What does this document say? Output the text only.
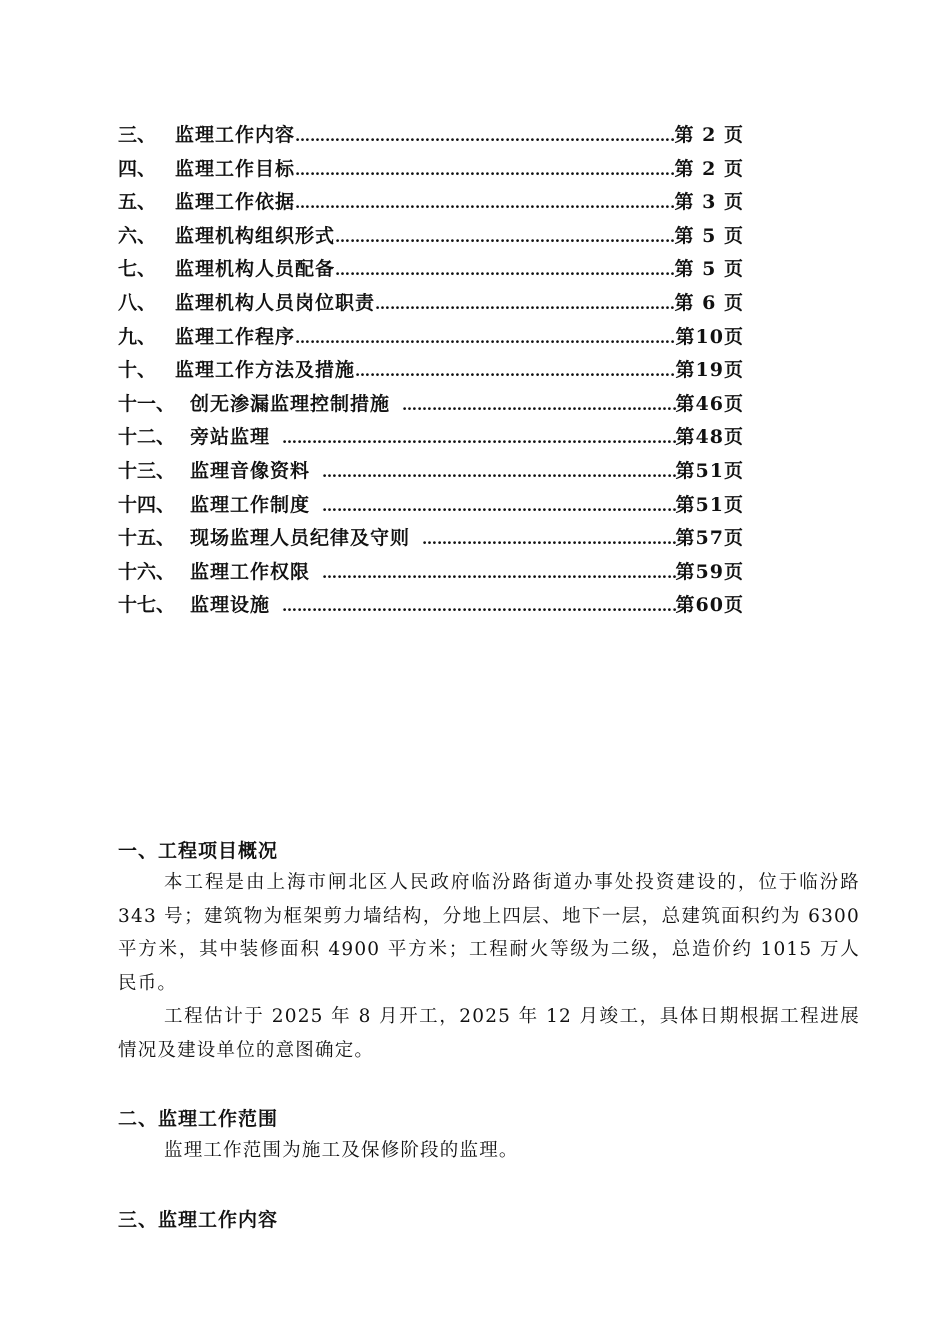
三、 监理工作内容 ………………………………………………………………………………………………………………………………	第 2 页
四、 监理工作目标 ………………………………………………………………………………………………………………………………	第 2 页
五、 监理工作依据 ………………………………………………………………………………………………………………………………	第 3 页
六、 监理机构组织形式 ………………………………………………………………………………………………………………………………	第 5 页
七、 监理机构人员配备 ………………………………………………………………………………………………………………………………	第 5 页
八、 监理机构人员岗位职责 ………………………………………………………………………………………………………………………………	第 6 页
九、 监理工作程序 ………………………………………………………………………………………………………………………………	第10页
十、 监理工作方法及措施 ………………………………………………………………………………………………………………………………	第19页
十一、 创无渗漏监理控制措施 ………………………………………………………………………………………………………………………………	第46页
十二、 旁站监理 ………………………………………………………………………………………………………………………………	第48页
十三、 监理音像资料 ………………………………………………………………………………………………………………………………	第51页
十四、 监理工作制度 ………………………………………………………………………………………………………………………………	第51页
十五、 现场监理人员纪律及守则 ………………………………………………………………………………………………………………………………	第57页
十六、 监理工作权限 ………………………………………………………………………………………………………………………………	第59页
十七、 监理设施 ………………………………………………………………………………………………………………………………	第60页
一、工程项目概况

本工程是由上海市闸北区人民政府临汾路街道办事处投资建设的，位于临汾路 343 号；建筑物为框架剪力墙结构，分地上四层、地下一层，总建筑面积约为 6300 平方米，其中装修面积 4900 平方米；工程耐火等级为二级，总造价约 1015 万人民币。

工程估计于 2025 年 8 月开工，2025 年 12 月竣工，具体日期根据工程进展情况及建设单位的意图确定。

二、监理工作范围

监理工作范围为施工及保修阶段的监理。

三、监理工作内容
